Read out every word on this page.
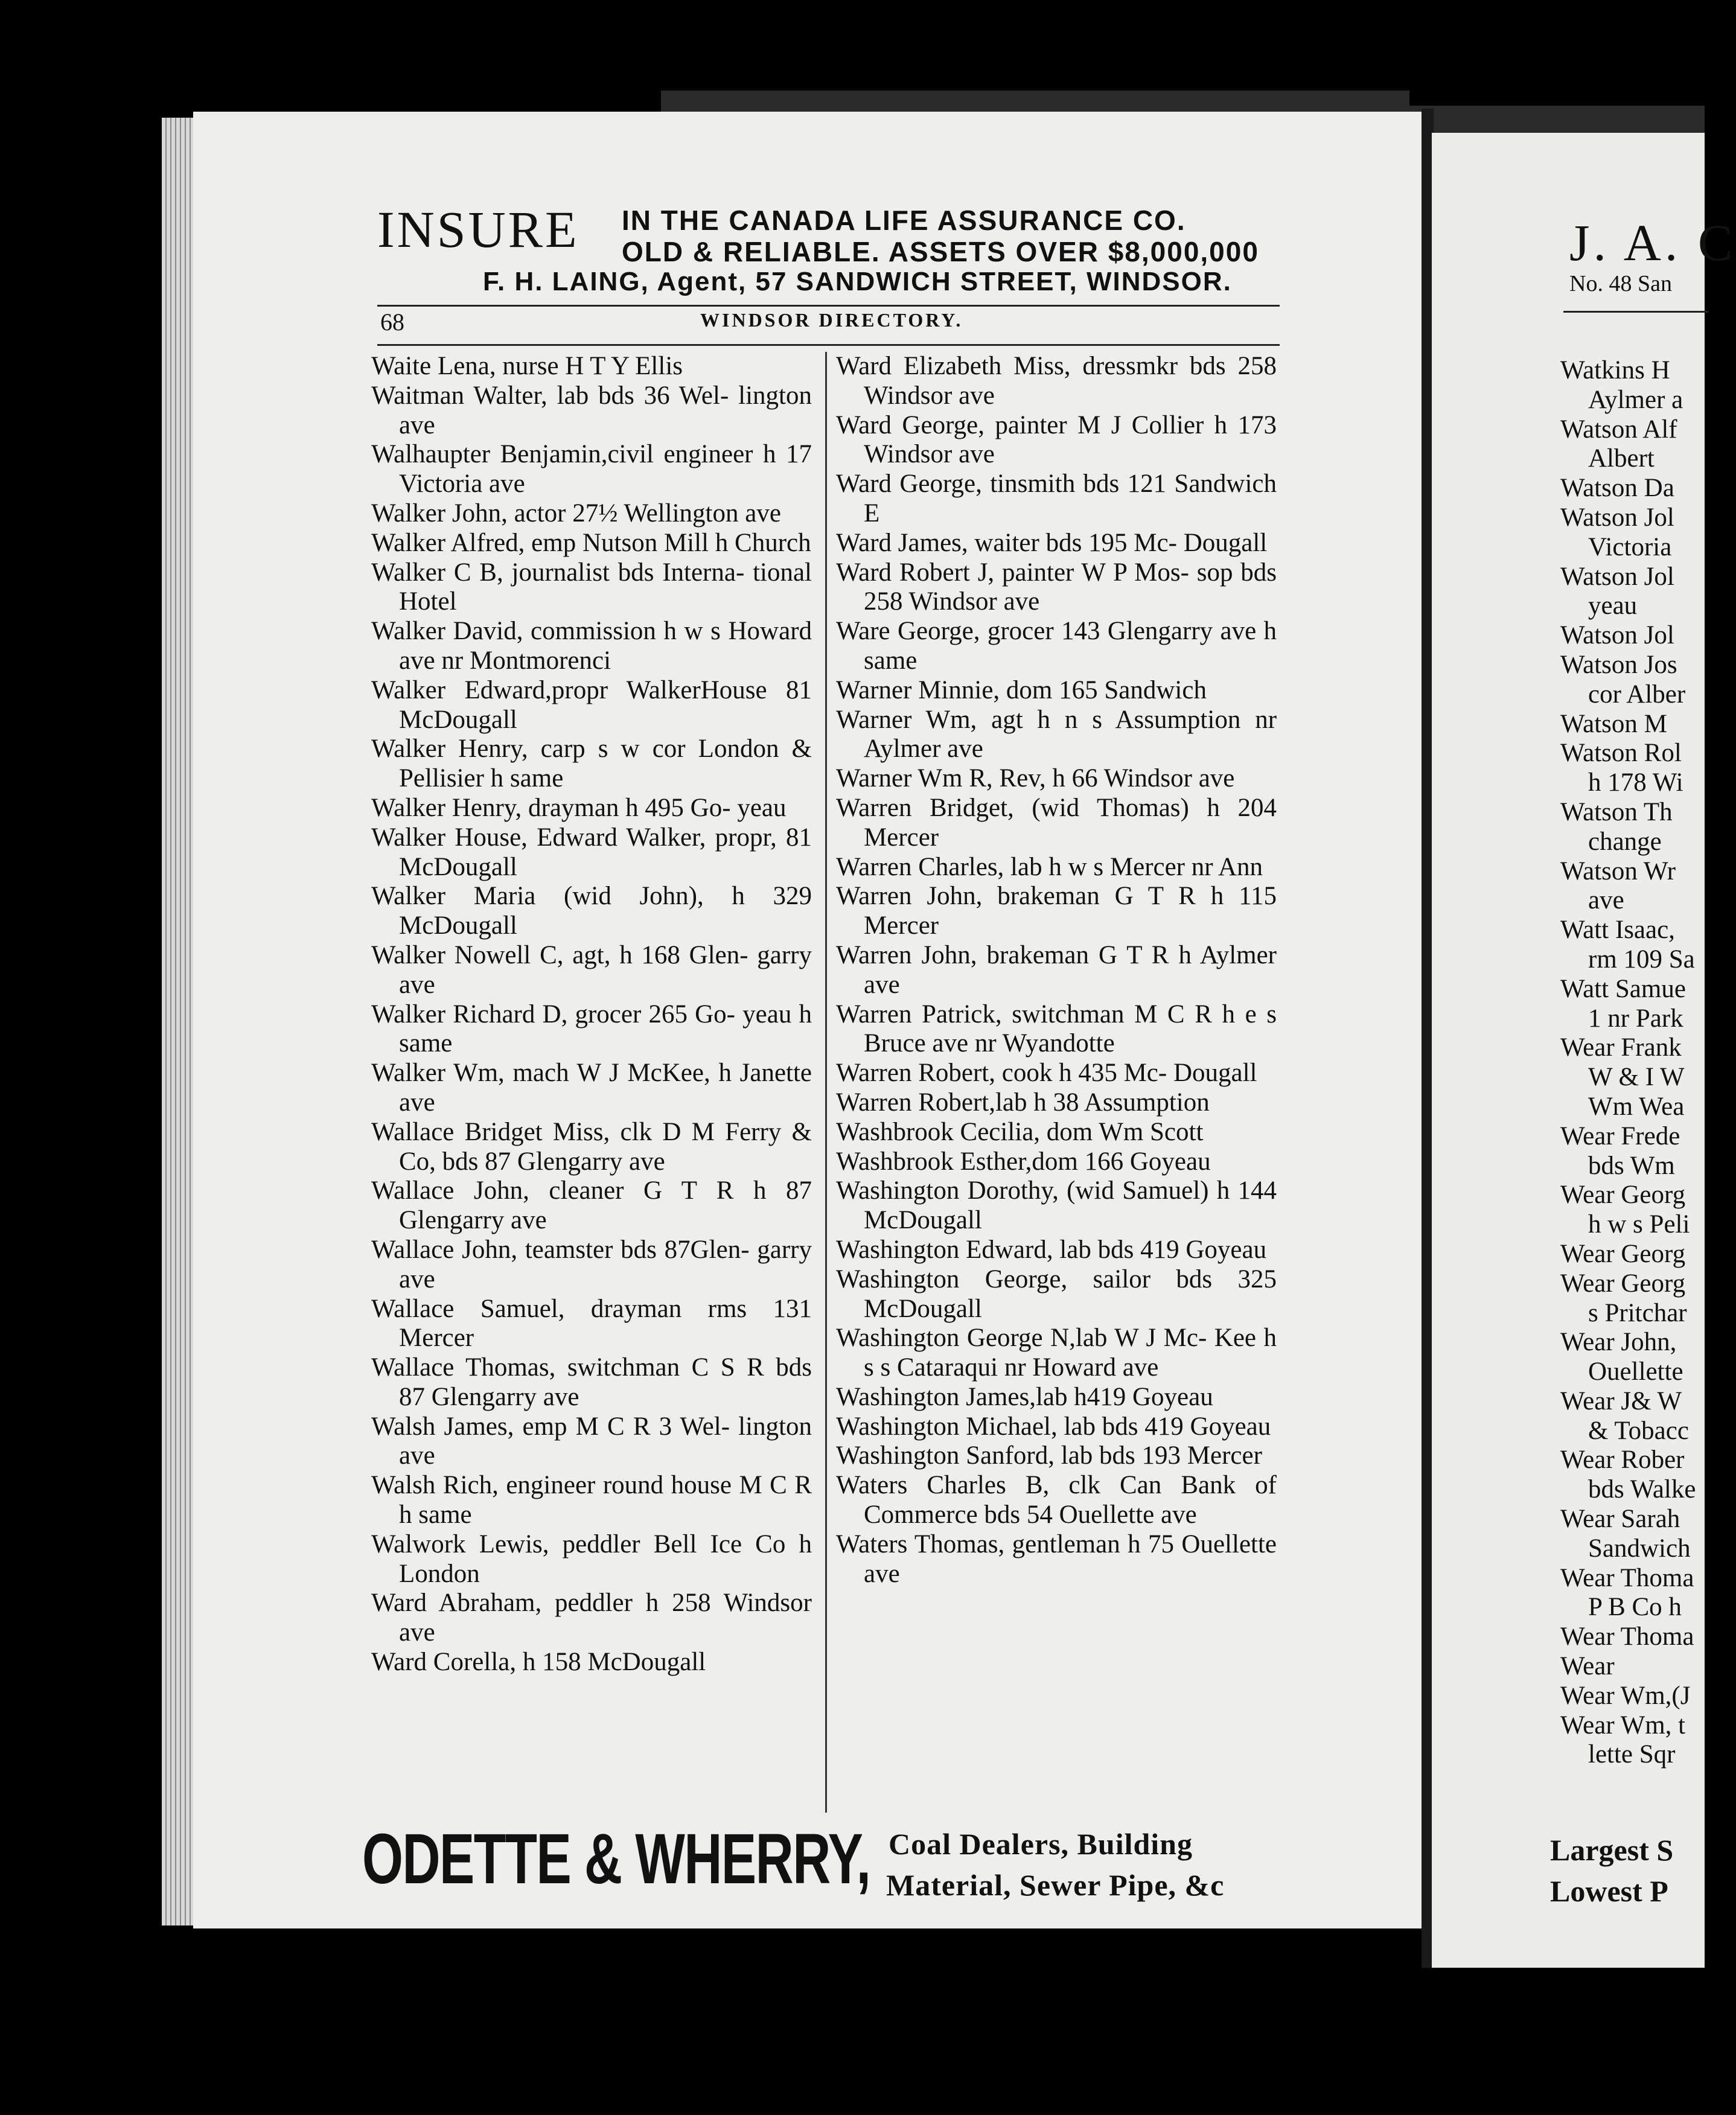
INSURE IN THE CANADA LIFE ASSURANCE CO.
OLD & RELIABLE. ASSETS OVER $8,000,000
F. H. LAING, Agent, 57 SANDWICH STREET, WINDSOR.
68	WINDSOR DIRECTORY.
Waite Lena, nurse H T Y Ellis
Waitman Walter, lab bds 36 Wel- lington ave
Walhaupter Benjamin,civil engineer h 17 Victoria ave
Walker John, actor 27½ Wellington ave
Walker Alfred, emp Nutson Mill h Church
Walker C B, journalist bds Interna- tional Hotel
Walker David, commission h w s Howard ave nr Montmorenci
Walker Edward,propr WalkerHouse 81 McDougall
Walker Henry, carp s w cor London & Pellisier h same
Walker Henry, drayman h 495 Go- yeau
Walker House, Edward Walker, propr, 81 McDougall
Walker Maria (wid John), h 329 McDougall
Walker Nowell C, agt, h 168 Glen- garry ave
Walker Richard D, grocer 265 Go- yeau h same
Walker Wm, mach W J McKee, h Janette ave
Wallace Bridget Miss, clk D M Ferry & Co, bds 87 Glengarry ave
Wallace John, cleaner G T R h 87 Glengarry ave
Wallace John, teamster bds 87Glen- garry ave
Wallace Samuel, drayman rms 131 Mercer
Wallace Thomas, switchman C S R bds 87 Glengarry ave
Walsh James, emp M C R 3 Wel- lington ave
Walsh Rich, engineer round house M C R h same
Walwork Lewis, peddler Bell Ice Co h London
Ward Abraham, peddler h 258 Windsor ave
Ward Corella, h 158 McDougall
Ward Elizabeth Miss, dressmkr bds 258 Windsor ave
Ward George, painter M J Collier h 173 Windsor ave
Ward George, tinsmith bds 121 Sandwich E
Ward James, waiter bds 195 Mc- Dougall
Ward Robert J, painter W P Mos- sop bds 258 Windsor ave
Ware George, grocer 143 Glengarry ave h same
Warner Minnie, dom 165 Sandwich
Warner Wm, agt h n s Assumption nr Aylmer ave
Warner Wm R, Rev, h 66 Windsor ave
Warren Bridget, (wid Thomas) h 204 Mercer
Warren Charles, lab h w s Mercer nr Ann
Warren John, brakeman G T R h 115 Mercer
Warren John, brakeman G T R h Aylmer ave
Warren Patrick, switchman M C R h e s Bruce ave nr Wyandotte
Warren Robert, cook h 435 Mc- Dougall
Warren Robert,lab h 38 Assumption
Washbrook Cecilia, dom Wm Scott
Washbrook Esther,dom 166 Goyeau
Washington Dorothy, (wid Samuel) h 144 McDougall
Washington Edward, lab bds 419 Goyeau
Washington George, sailor bds 325 McDougall
Washington George N,lab W J Mc- Kee h s s Cataraqui nr Howard ave
Washington James,lab h419 Goyeau
Washington Michael, lab bds 419 Goyeau
Washington Sanford, lab bds 193 Mercer
Waters Charles B, clk Can Bank of Commerce bds 54 Ouellette ave
Waters Thomas, gentleman h 75 Ouellette ave
ODETTE & WHERRY, Coal Dealers, Building
Material, Sewer Pipe, &c
J. A. C
No. 48 San
Watkins H
Aylmer a
Watson Alf
Albert
Watson Da
Watson Jol
Victoria
Watson Jol
yeau
Watson Jol
Watson Jos
cor Alber
Watson M
Watson Rol
h 178 Wi
Watson Th
change
Watson Wr
ave
Watt Isaac,
rm 109 Sa
Watt Samue
1 nr Park
Wear Frank
W & I W
Wm Wea
Wear Frede
bds Wm
Wear Georg
h w s Peli
Wear Georg
Wear Georg
s Pritchar
Wear John,
Ouellette
Wear J& W
& Tobacc
Wear Rober
bds Walke
Wear Sarah
Sandwich
Wear Thoma
P B Co h
Wear Thoma
Wear
Wear Wm,(J
Wear Wm, t
lette Sqr
Largest S
Lowest P
